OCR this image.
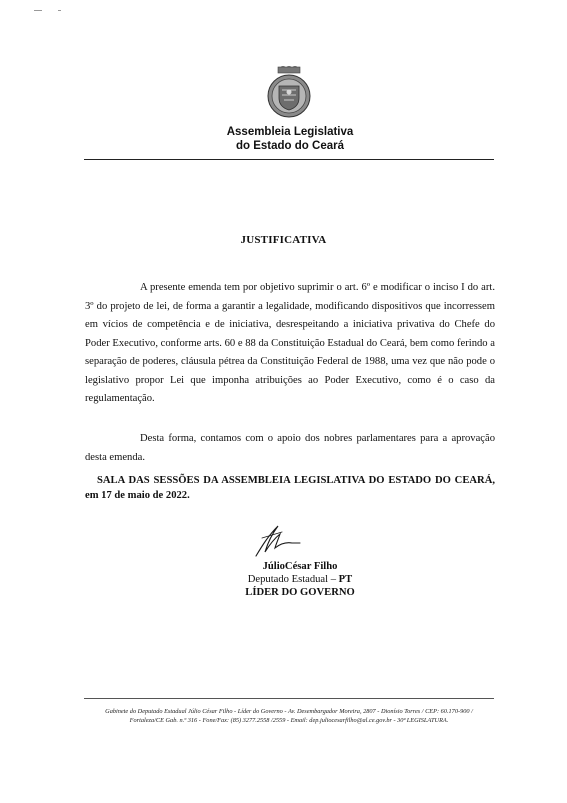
Assembleia Legislativa
do Estado do Ceará
JUSTIFICATIVA

A presente emenda tem por objetivo suprimir o art. 6º e modificar o inciso I do art. 3º do projeto de lei, de forma a garantir a legalidade, modificando dispositivos que incorressem em vícios de competência e de iniciativa, desrespeitando a iniciativa privativa do Chefe do Poder Executivo, conforme arts. 60 e 88 da Constituição Estadual do Ceará, bem como ferindo a separação de poderes, cláusula pétrea da Constituição Federal de 1988, uma vez que não pode o legislativo propor Lei que imponha atribuições ao Poder Executivo, como é o caso da regulamentação.

Desta forma, contamos com o apoio dos nobres parlamentares para a aprovação desta emenda.

SALA DAS SESSÕES DA ASSEMBLEIA LEGISLATIVA DO ESTADO DO CEARÁ, em 17 de maio de 2022.

JúlioCésar Filho
Deputado Estadual – PT
LÍDER DO GOVERNO
Gabinete do Deputado Estadual Júlio César Filho - Líder do Governo - Av. Desembargador Moreira, 2807 - Dionísio Torres / CEP: 60.170-900 /
Fortaleza/CE Gab. n.º 316 - Fone/Fax: (85) 3277.2558 /2559 - Email: dep.juliocesarfilho@al.ce.gov.br - 30ª LEGISLATURA.
